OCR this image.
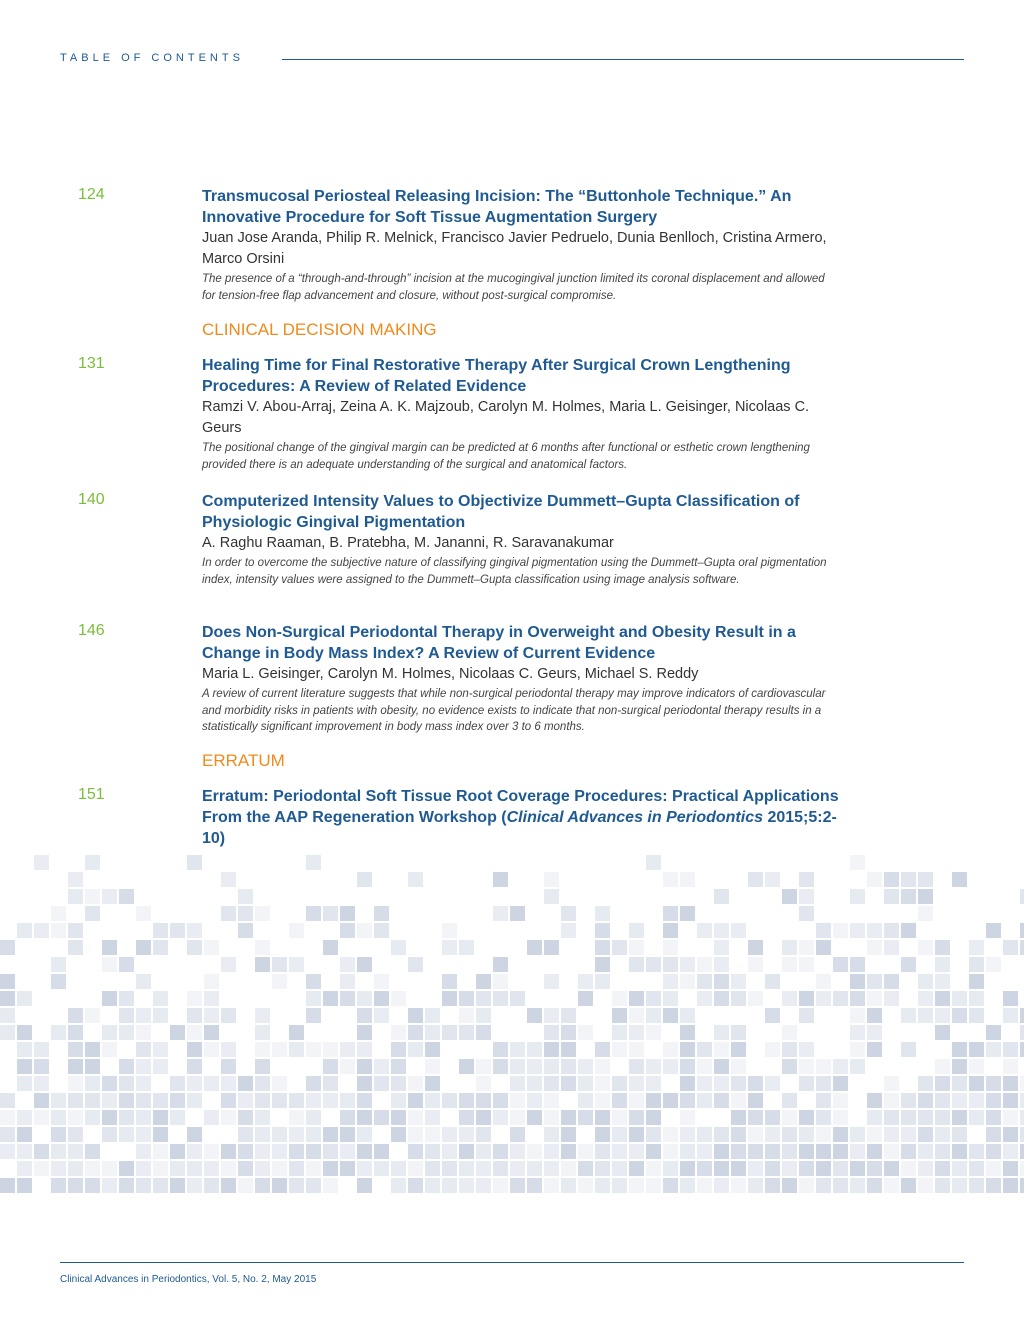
TABLE OF CONTENTS
124	Transmucosal Periosteal Releasing Incision: The “Buttonhole Technique.” An Innovative Procedure for Soft Tissue Augmentation Surgery

Juan Jose Aranda, Philip R. Melnick, Francisco Javier Pedruelo, Dunia Benlloch, Cristina Armero, Marco Orsini

The presence of a “through-and-through” incision at the mucogingival junction limited its coronal displacement and allowed for tension-free flap advancement and closure, without post-surgical compromise.

CLINICAL DECISION MAKING
131	Healing Time for Final Restorative Therapy After Surgical Crown Lengthening Procedures: A Review of Related Evidence

Ramzi V. Abou-Arraj, Zeina A. K. Majzoub, Carolyn M. Holmes, Maria L. Geisinger, Nicolaas C. Geurs

The positional change of the gingival margin can be predicted at 6 months after functional or esthetic crown lengthening provided there is an adequate understanding of the surgical and anatomical factors.

140	Computerized Intensity Values to Objectivize Dummett–Gupta Classification of Physiologic Gingival Pigmentation

A. Raghu Raaman, B. Pratebha, M. Jananni, R. Saravanakumar

In order to overcome the subjective nature of classifying gingival pigmentation using the Dummett–Gupta oral pigmentation index, intensity values were assigned to the Dummett–Gupta classification using image analysis software.

146	Does Non-Surgical Periodontal Therapy in Overweight and Obesity Result in a Change in Body Mass Index? A Review of Current Evidence

Maria L. Geisinger, Carolyn M. Holmes, Nicolaas C. Geurs, Michael S. Reddy

A review of current literature suggests that while non-surgical periodontal therapy may improve indicators of cardiovascular and morbidity risks in patients with obesity, no evidence exists to indicate that non-surgical periodontal therapy results in a statistically significant improvement in body mass index over 3 to 6 months.

ERRATUM
151	Erratum: Periodontal Soft Tissue Root Coverage Procedures: Practical Applications From the AAP Regeneration Workshop (Clinical Advances in Periodontics 2015;5:2-10)

Clinical Advances in Periodontics, Vol. 5, No. 2, May 2015
